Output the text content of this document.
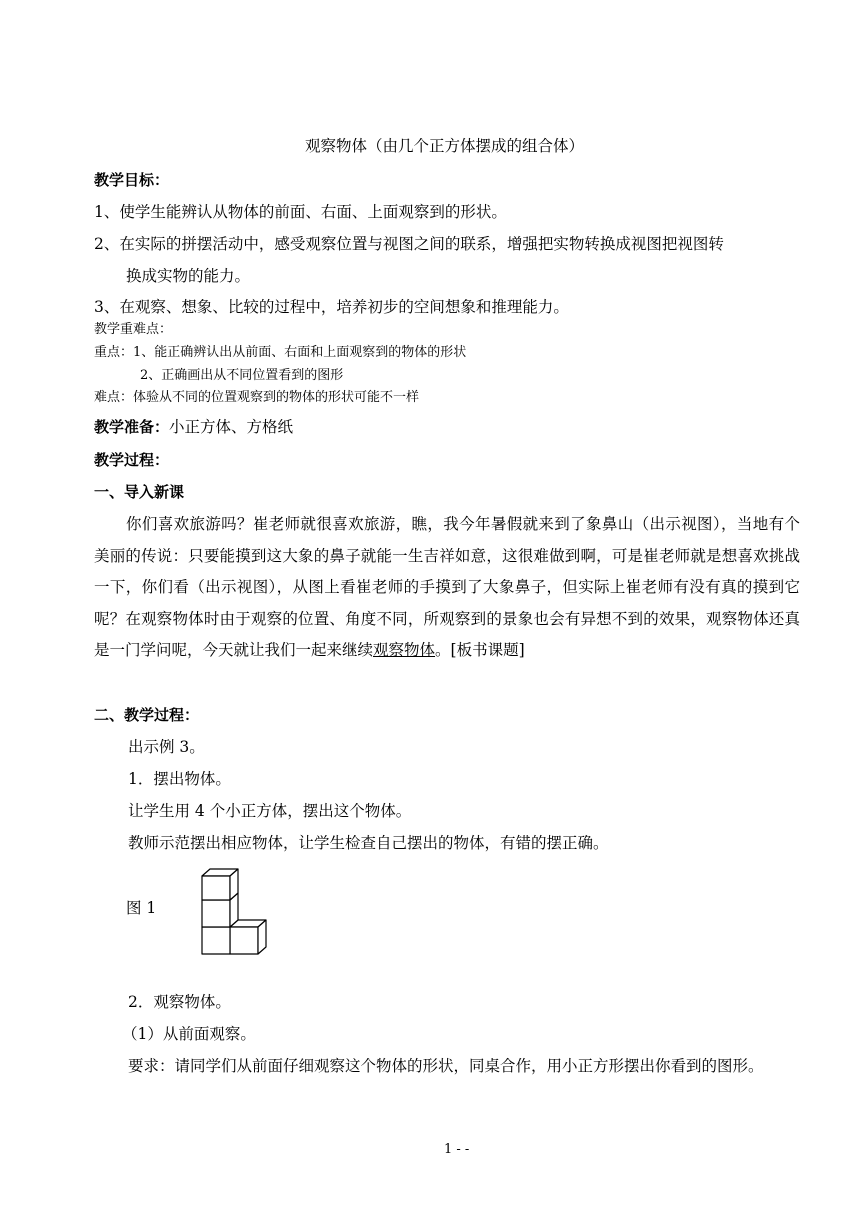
观察物体（由几个正方体摆成的组合体）
教学目标：
1、使学生能辨认从物体的前面、右面、上面观察到的形状。
2、在实际的拼摆活动中，感受观察位置与视图之间的联系，增强把实物转换成视图把视图转
换成实物的能力。
3、在观察、想象、比较的过程中，培养初步的空间想象和推理能力。
教学重难点：
重点：1、能正确辨认出从前面、右面和上面观察到的物体的形状
2、正确画出从不同位置看到的图形
难点：体验从不同的位置观察到的物体的形状可能不一样
教学准备：小正方体、方格纸
教学过程：
一、导入新课
你们喜欢旅游吗？崔老师就很喜欢旅游，瞧，我今年暑假就来到了象鼻山（出示视图），当地有个美丽的传说：只要能摸到这大象的鼻子就能一生吉祥如意，这很难做到啊，可是崔老师就是想喜欢挑战一下，你们看（出示视图），从图上看崔老师的手摸到了大象鼻子，但实际上崔老师有没有真的摸到它呢？在观察物体时由于观察的位置、角度不同，所观察到的景象也会有异想不到的效果，观察物体还真是一门学问呢，今天就让我们一起来继续观察物体。[板书课题]
二、教学过程：
出示例 3。
1．摆出物体。
让学生用 4 个小正方体，摆出这个物体。
教师示范摆出相应物体，让学生检查自己摆出的物体，有错的摆正确。
图 1
2．观察物体。
（1）从前面观察。
要求：请同学们从前面仔细观察这个物体的形状，同桌合作，用小正方形摆出你看到的图形。
1 - -
